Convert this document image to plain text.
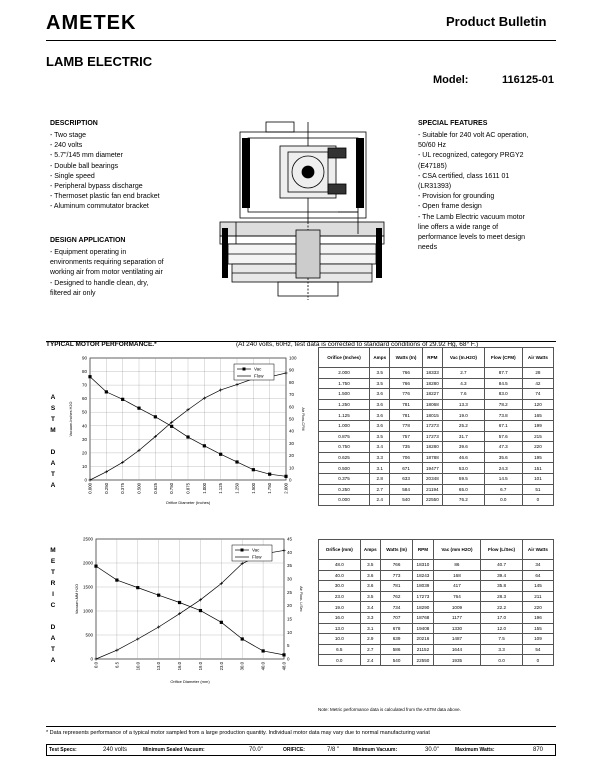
AMETEK	Product Bulletin
LAMB ELECTRIC
Model:	116125-01
DESCRIPTION
- Two stage
- 240 volts
- 5.7"/145 mm diameter
- Double ball bearings
- Single speed
- Peripheral bypass discharge
- Thermoset plastic fan end bracket
- Aluminum commutator bracket
DESIGN APPLICATION
- Equipment operating in
environments requiring separation of
working air from motor ventilating air
- Designed to handle clean, dry,
filtered air only
SPECIAL FEATURES
- Suitable for 240 volt AC operation,
50/60 Hz
- UL recognized, category PRGY2
(E47185)
- CSA certified, class 1611 01
(LR31393)
- Provision for grounding
- Open frame design
- The Lamb Electric vacuum motor
line offers a wide range of
performance levels to meet design
needs
TYPICAL MOTOR PERFORMANCE.*	(At 240 volts, 60Hz, test data is corrected to standard conditions of 29.92 Hg, 68° F.)
A
S
T
M

D
A
T
A
M
E
T
R
I
C

D
A
T
A
0
10
20
30
40
50
60
70
80
90
0
10
20
30
40
50
60
70
80
90
100
0.000	0.250	0.375	0.500	0.625	0.750	0.875	1.000	1.125	1.250	1.500	1.750	2.000
Orifice Diameter (Inches)
Vacuum-Inches H2O	Air Flow-CFM
Vac
Flow
0
500
1000
1500
2000
2500
0
5
10
15
20
25
30
35
40
45
0.0	6.5	10.0	13.0	16.0	19.0	23.0	30.0	40.0	48.0
Orifice Diameter (mm)
Vacuum-MM H2O	Air Flow- L/Sec
Vac
Flow
Orifice (Inches)	Amps	Watts (In)	RPM	Vac (In.H2O)	Flow (CFM)	Air Watts
2.000	3.5	766	18333	2.7	87.7	28
1.750	3.5	766	18280	4.3	84.5	42
1.500	3.6	776	18227	7.6	83.0	74
1.250	3.6	781	18068	13.3	78.2	120
1.125	3.6	781	18015	19.0	73.8	165
1.000	3.6	778	17273	25.2	67.1	199
0.875	3.5	757	17273	31.7	57.6	215
0.750	3.4	735	18280	39.6	47.3	220
0.625	3.3	706	18788	46.6	35.6	195
0.500	3.1	671	19477	53.0	24.3	151
0.375	2.8	633	20348	59.5	14.5	101
0.250	2.7	584	21194	65.0	6.7	51
0.000	2.4	540	22550	76.2	0.0	0
Orifice (mm)	Amps	Watts (In)	RPM	Vac (mm H2O)	Flow (L/Sec)	Air Watts
48.0	3.5	766	18310	86	40.7	34
40.0	3.6	773	18243	168	39.4	64
30.0	3.6	781	18039	417	35.8	145
23.0	3.5	762	17273	764	28.3	211
19.0	3.4	734	18290	1009	22.2	220
16.0	3.3	707	18768	1177	17.0	196
13.0	3.1	678	19408	1330	12.0	155
10.0	2.9	639	20216	1487	7.5	109
6.5	2.7	586	21152	1644	3.3	54
0.0	2.4	540	22550	1935	0.0	0
Note: Metric performance data is calculated from the ASTM data above.
* Data represents performance of a typical motor sampled from a large production quantity. Individual motor data may vary due to normal manufacturing variat
Test Specs:	240 volts	Minimum Sealed Vacuum:	70.0"	ORIFICE:	7/8 "	Minimum Vacuum:	30.0"	Maximum Watts:	870
